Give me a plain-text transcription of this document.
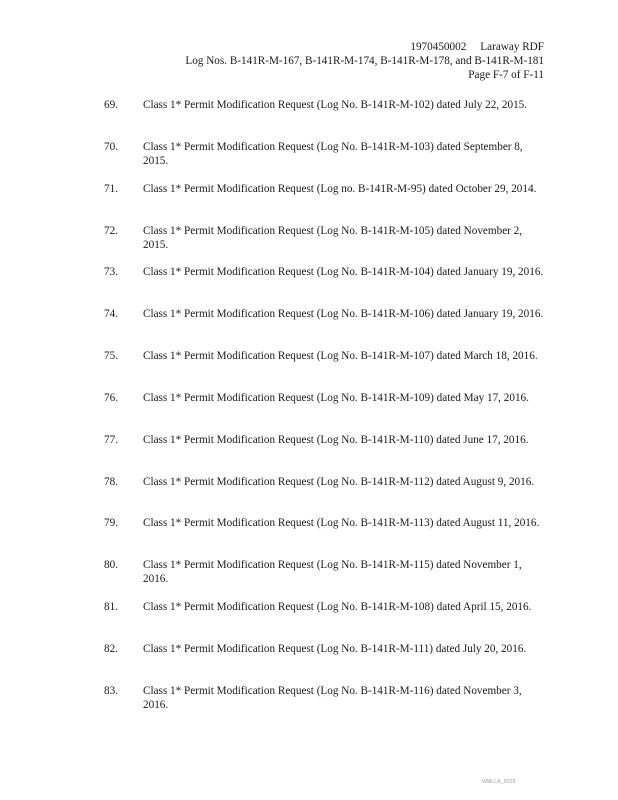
1970450002 Laraway RDF
Log Nos. B-141R-M-167, B-141R-M-174, B-141R-M-178, and B-141R-M-181
Page F-7 of F-11
69. Class 1* Permit Modification Request (Log No. B-141R-M-102) dated July 22, 2015.
70. Class 1* Permit Modification Request (Log No. B-141R-M-103) dated September 8, 2015.
71. Class 1* Permit Modification Request (Log no. B-141R-M-95) dated October 29, 2014.
72. Class 1* Permit Modification Request (Log No. B-141R-M-105) dated November 2, 2015.
73. Class 1* Permit Modification Request (Log No. B-141R-M-104) dated January 19, 2016.
74. Class 1* Permit Modification Request (Log No. B-141R-M-106) dated January 19, 2016.
75. Class 1* Permit Modification Request (Log No. B-141R-M-107) dated March 18, 2016.
76. Class 1* Permit Modification Request (Log No. B-141R-M-109) dated May 17, 2016.
77. Class 1* Permit Modification Request (Log No. B-141R-M-110) dated June 17, 2016.
78. Class 1* Permit Modification Request (Log No. B-141R-M-112) dated August 9, 2016.
79. Class 1* Permit Modification Request (Log No. B-141R-M-113) dated August 11, 2016.
80. Class 1* Permit Modification Request (Log No. B-141R-M-115) dated November 1, 2016.
81. Class 1* Permit Modification Request (Log No. B-141R-M-108) dated April 15, 2016.
82. Class 1* Permit Modification Request (Log No. B-141R-M-111) dated July 20, 2016.
83. Class 1* Permit Modification Request (Log No. B-141R-M-116) dated November 3, 2016.
WMLLA_0026
